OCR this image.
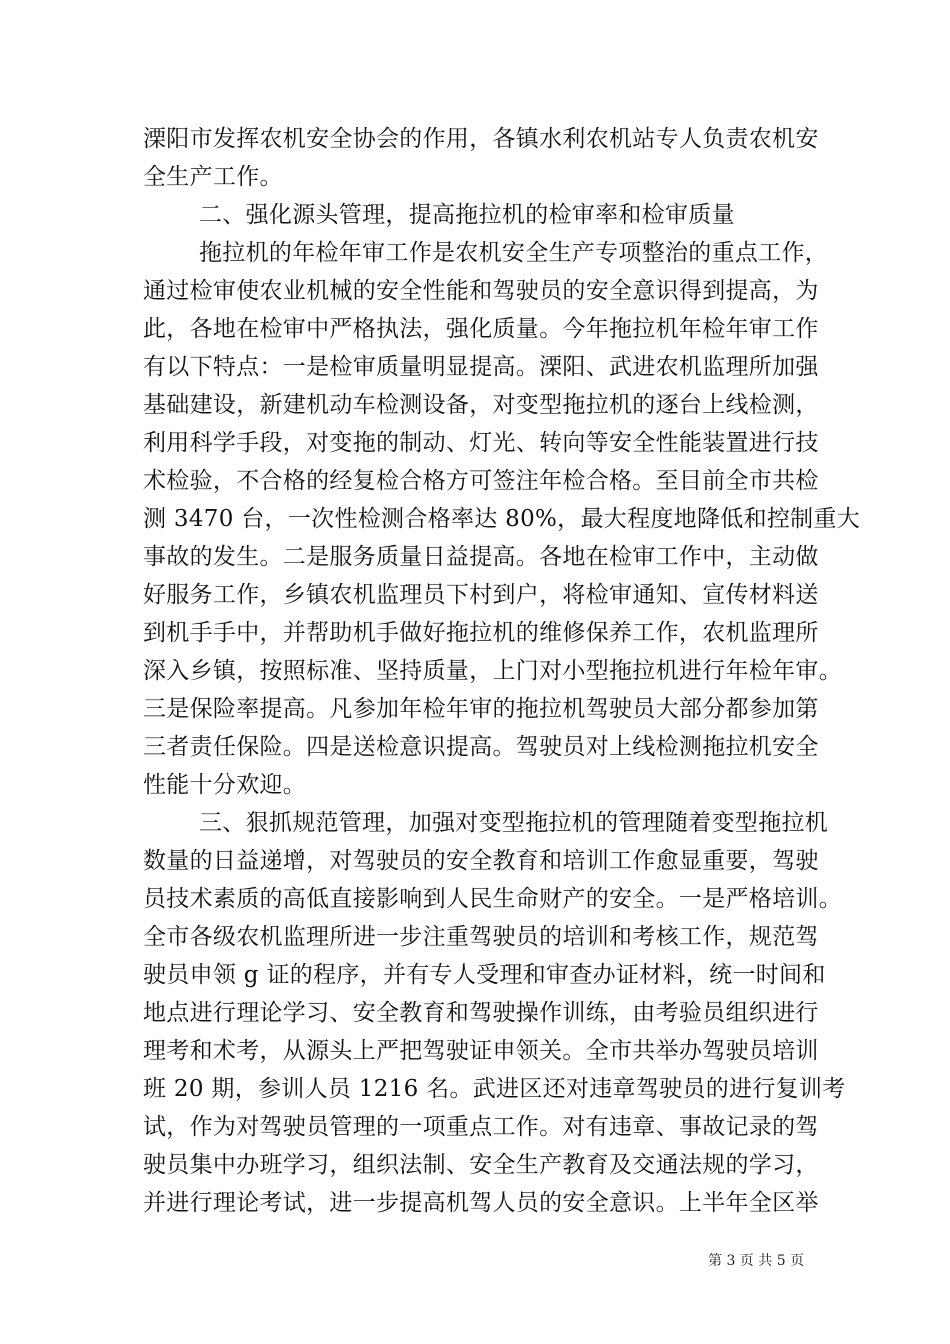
溧阳市发挥农机安全协会的作用，各镇水利农机站专人负责农机安
全生产工作。
二、强化源头管理，提高拖拉机的检审率和检审质量
拖拉机的年检年审工作是农机安全生产专项整治的重点工作，
通过检审使农业机械的安全性能和驾驶员的安全意识得到提高，为
此，各地在检审中严格执法，强化质量。今年拖拉机年检年审工作
有以下特点：一是检审质量明显提高。溧阳、武进农机监理所加强
基础建设，新建机动车检测设备，对变型拖拉机的逐台上线检测，
利用科学手段，对变拖的制动、灯光、转向等安全性能装置进行技
术检验，不合格的经复检合格方可签注年检合格。至目前全市共检
测 3470 台，一次性检测合格率达 80%，最大程度地降低和控制重大
事故的发生。二是服务质量日益提高。各地在检审工作中，主动做
好服务工作，乡镇农机监理员下村到户，将检审通知、宣传材料送
到机手手中，并帮助机手做好拖拉机的维修保养工作，农机监理所
深入乡镇，按照标准、坚持质量，上门对小型拖拉机进行年检年审。
三是保险率提高。凡参加年检年审的拖拉机驾驶员大部分都参加第
三者责任保险。四是送检意识提高。驾驶员对上线检测拖拉机安全
性能十分欢迎。
三、狠抓规范管理，加强对变型拖拉机的管理随着变型拖拉机
数量的日益递增，对驾驶员的安全教育和培训工作愈显重要，驾驶
员技术素质的高低直接影响到人民生命财产的安全。一是严格培训。
全市各级农机监理所进一步注重驾驶员的培训和考核工作，规范驾
驶员申领 g 证的程序，并有专人受理和审查办证材料，统一时间和
地点进行理论学习、安全教育和驾驶操作训练，由考验员组织进行
理考和术考，从源头上严把驾驶证申领关。全市共举办驾驶员培训
班 20 期，参训人员 1216 名。武进区还对违章驾驶员的进行复训考
试，作为对驾驶员管理的一项重点工作。对有违章、事故记录的驾
驶员集中办班学习，组织法制、安全生产教育及交通法规的学习，
并进行理论考试，进一步提高机驾人员的安全意识。上半年全区举
第 3 页 共 5 页
